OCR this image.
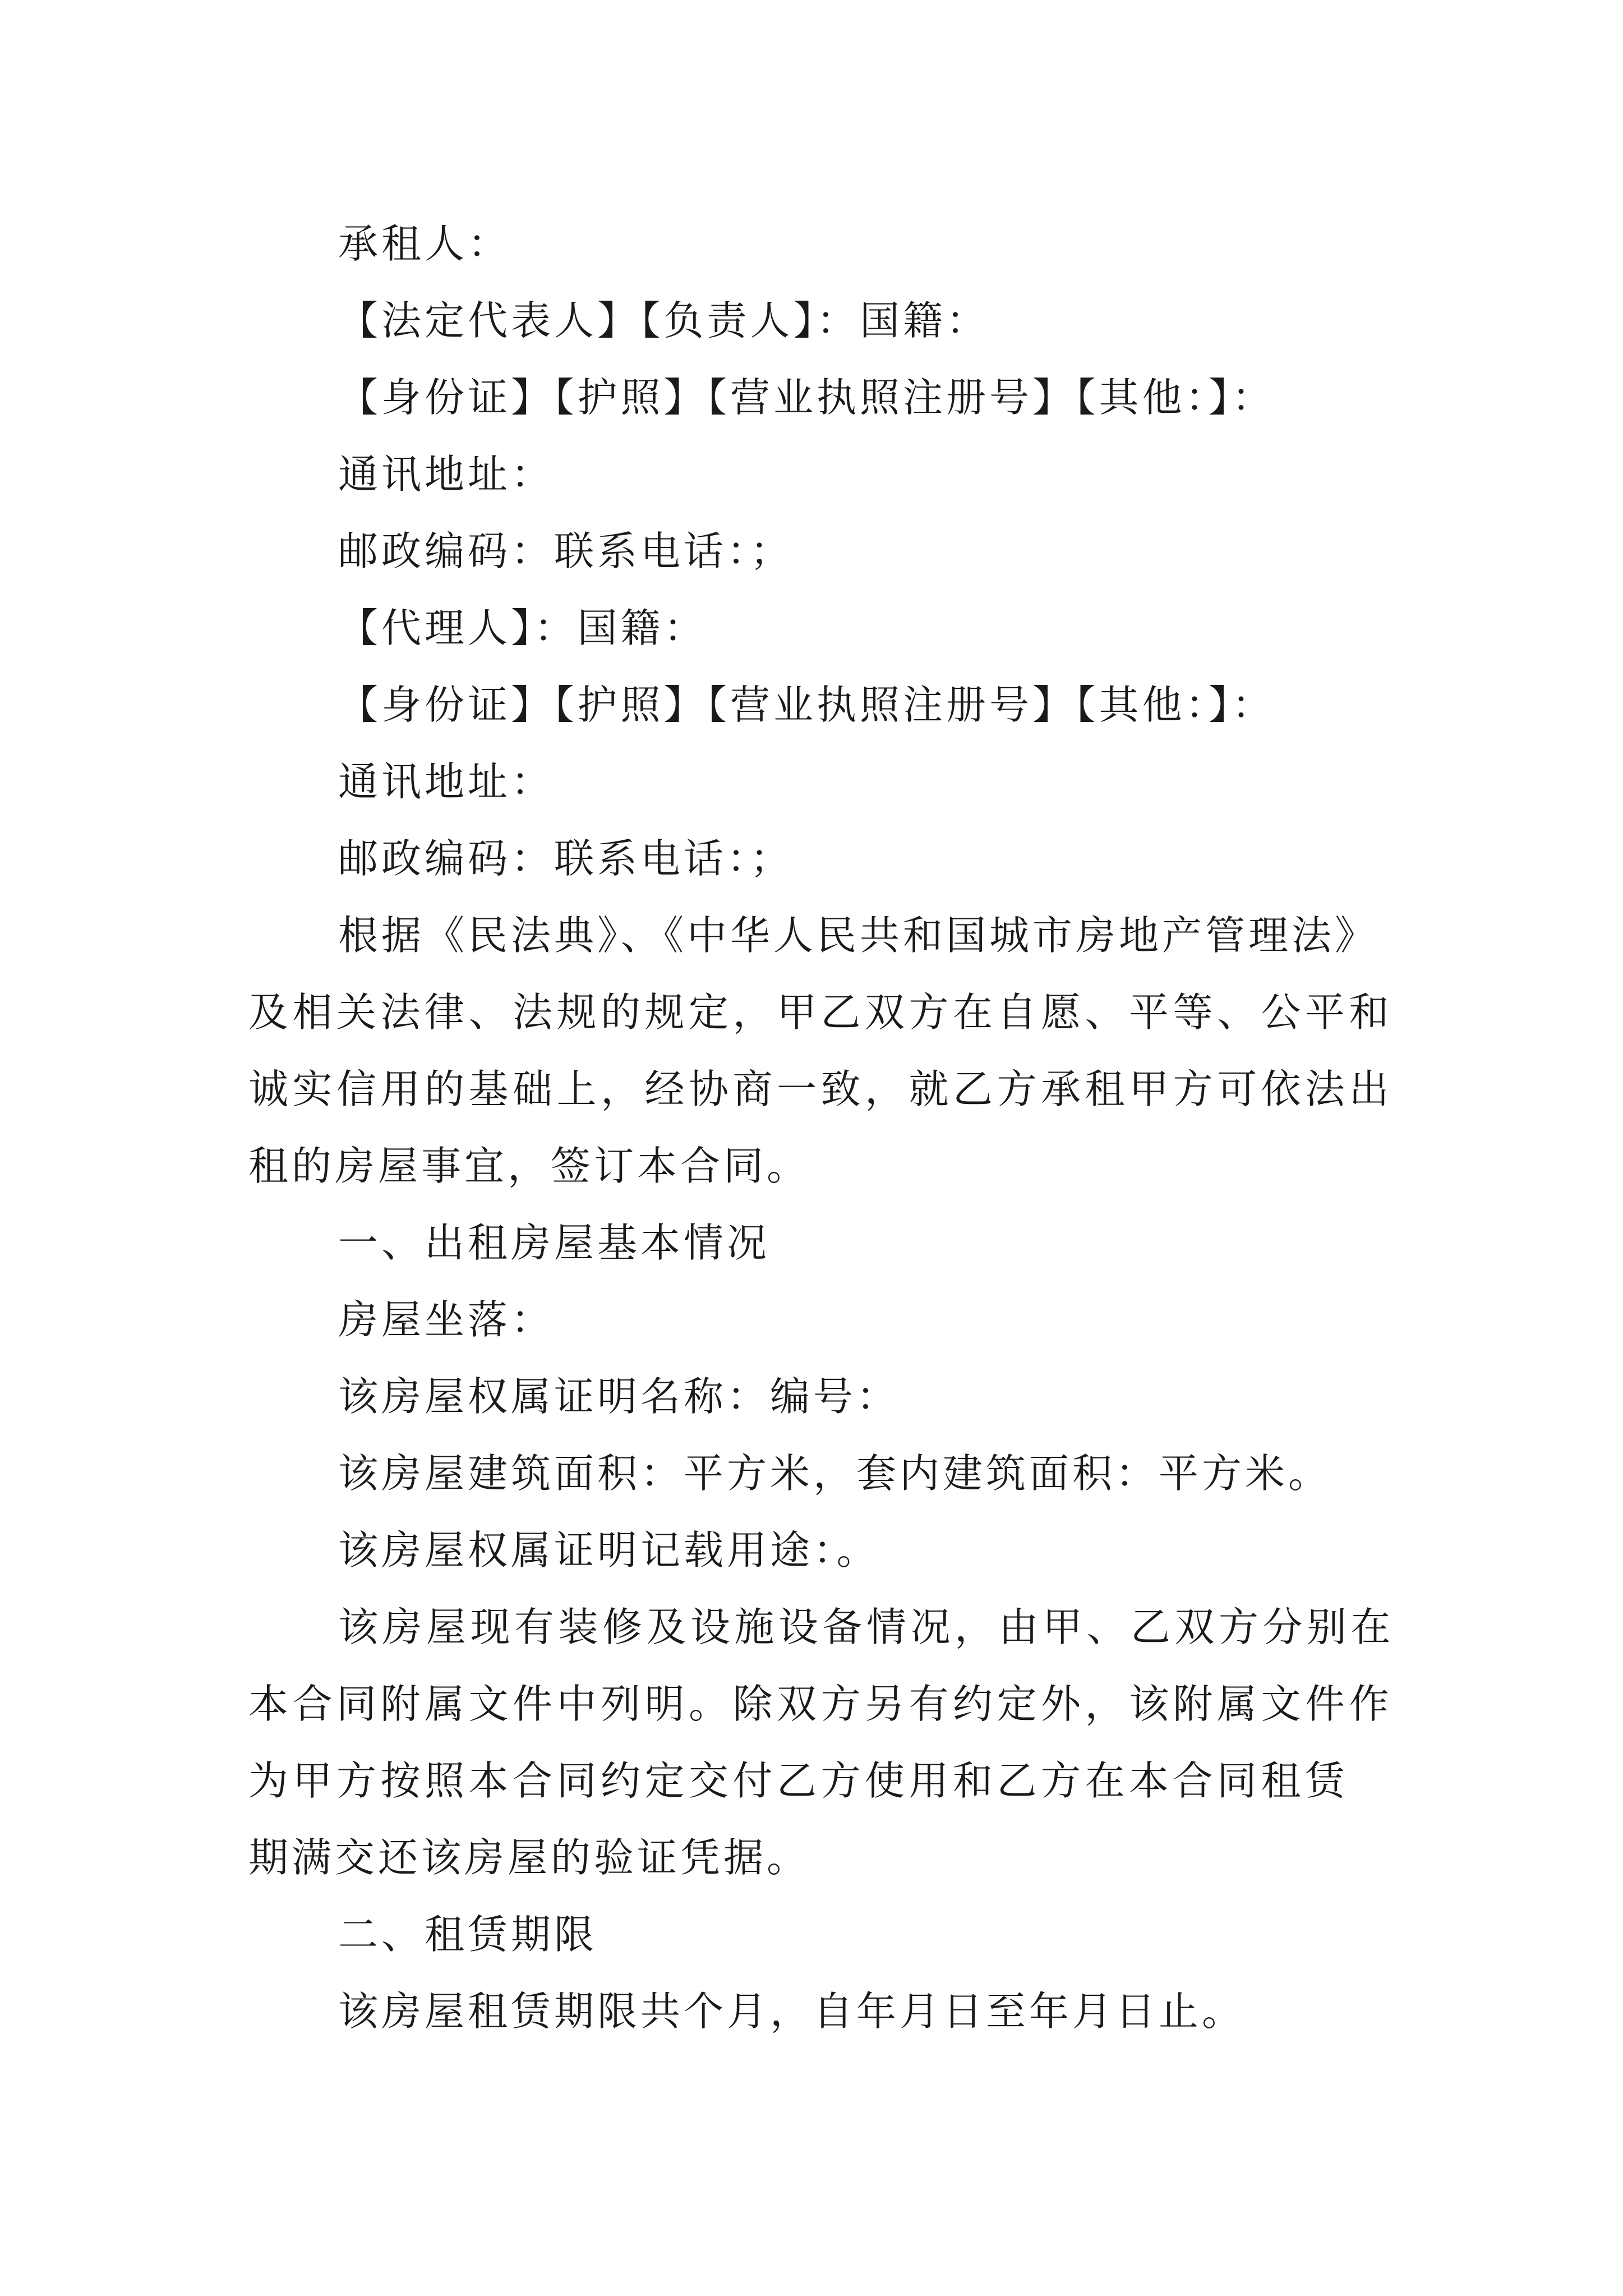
承租人：

【法定代表人】【负责人】：国籍：

【身份证】【护照】【营业执照注册号】【其他：】：

通讯地址：

邮政编码：联系电话：；

【代理人】：国籍：

【身份证】【护照】【营业执照注册号】【其他：】：

通讯地址：

邮政编码：联系电话：；

根据《民法典》、《中华人民共和国城市房地产管理法》

及相关法律、法规的规定，甲乙双方在自愿、平等、公平和

诚实信用的基础上，经协商一致，就乙方承租甲方可依法出

租的房屋事宜，签订本合同。

一、出租房屋基本情况

房屋坐落：

该房屋权属证明名称：编号：

该房屋建筑面积：平方米，套内建筑面积：平方米。

该房屋权属证明记载用途：。

该房屋现有装修及设施设备情况，由甲、乙双方分别在

本合同附属文件中列明。除双方另有约定外，该附属文件作

为甲方按照本合同约定交付乙方使用和乙方在本合同租赁

期满交还该房屋的验证凭据。

二、租赁期限

该房屋租赁期限共个月，自年月日至年月日止。
